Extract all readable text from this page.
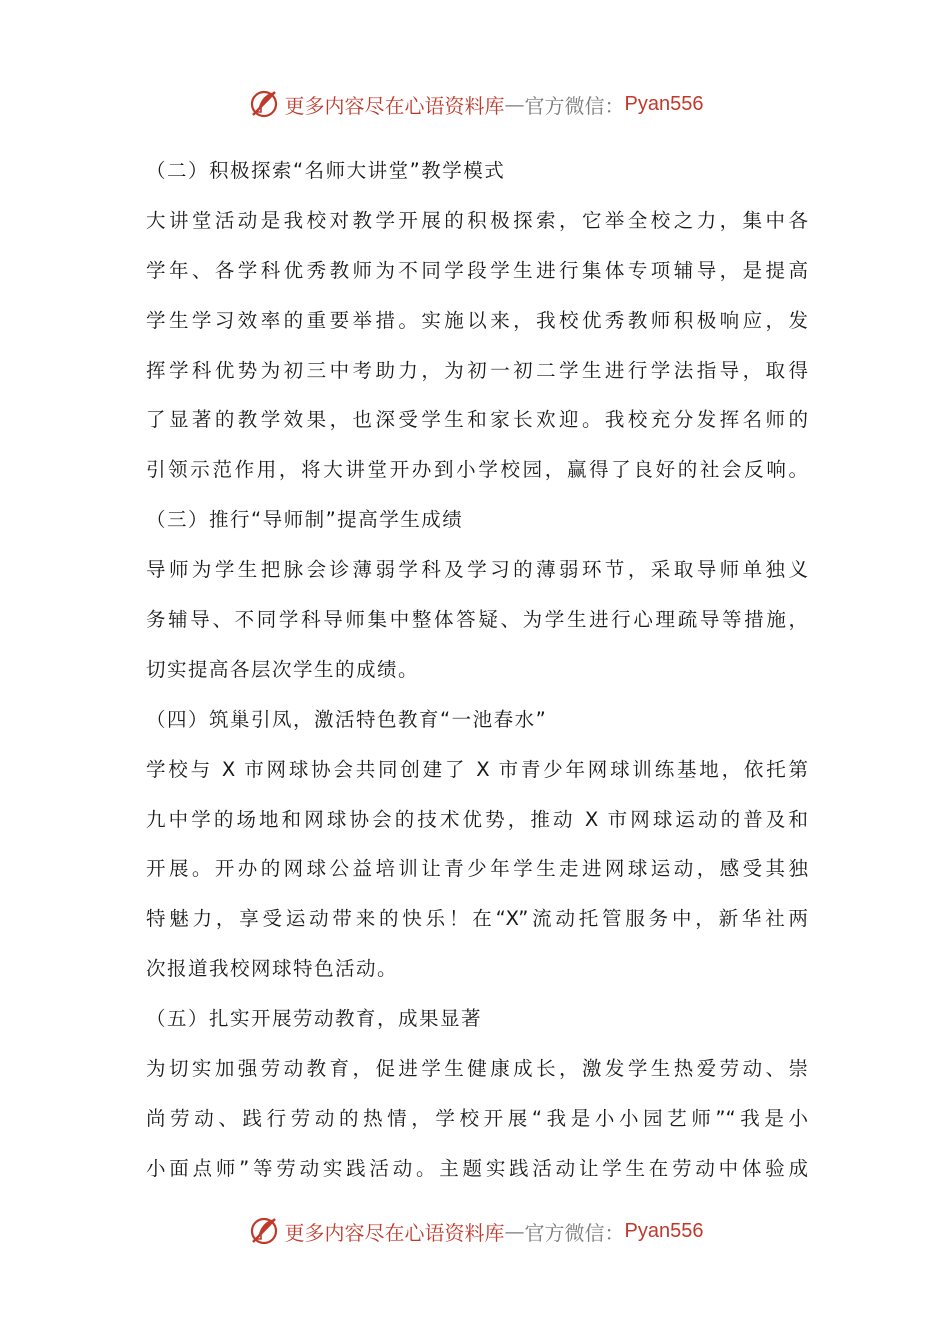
更多内容尽在心语资料库 — 官方微信： Pyan556
（二）积极探索“名师大讲堂”教学模式
大讲堂活动是我校对教学开展的积极探索，它举全校之力，集中各
学年、各学科优秀教师为不同学段学生进行集体专项辅导，是提高
学生学习效率的重要举措。实施以来，我校优秀教师积极响应，发
挥学科优势为初三中考助力，为初一初二学生进行学法指导，取得
了显著的教学效果，也深受学生和家长欢迎。我校充分发挥名师的
引领示范作用，将大讲堂开办到小学校园，赢得了良好的社会反响。
（三）推行“导师制”提高学生成绩
导师为学生把脉会诊薄弱学科及学习的薄弱环节，采取导师单独义
务辅导、不同学科导师集中整体答疑、为学生进行心理疏导等措施，
切实提高各层次学生的成绩。
（四）筑巢引凤，激活特色教育“一池春水”
学校与 X 市网球协会共同创建了 X 市青少年网球训练基地，依托第
九中学的场地和网球协会的技术优势，推动 X 市网球运动的普及和
开展。开办的网球公益培训让青少年学生走进网球运动，感受其独
特魅力，享受运动带来的快乐！在“X”流动托管服务中，新华社两
次报道我校网球特色活动。
（五）扎实开展劳动教育，成果显著
为切实加强劳动教育，促进学生健康成长，激发学生热爱劳动、崇
尚劳动、践行劳动的热情，学校开展“我是小小园艺师”“我是小
小面点师”等劳动实践活动。主题实践活动让学生在劳动中体验成
更多内容尽在心语资料库 — 官方微信： Pyan556
